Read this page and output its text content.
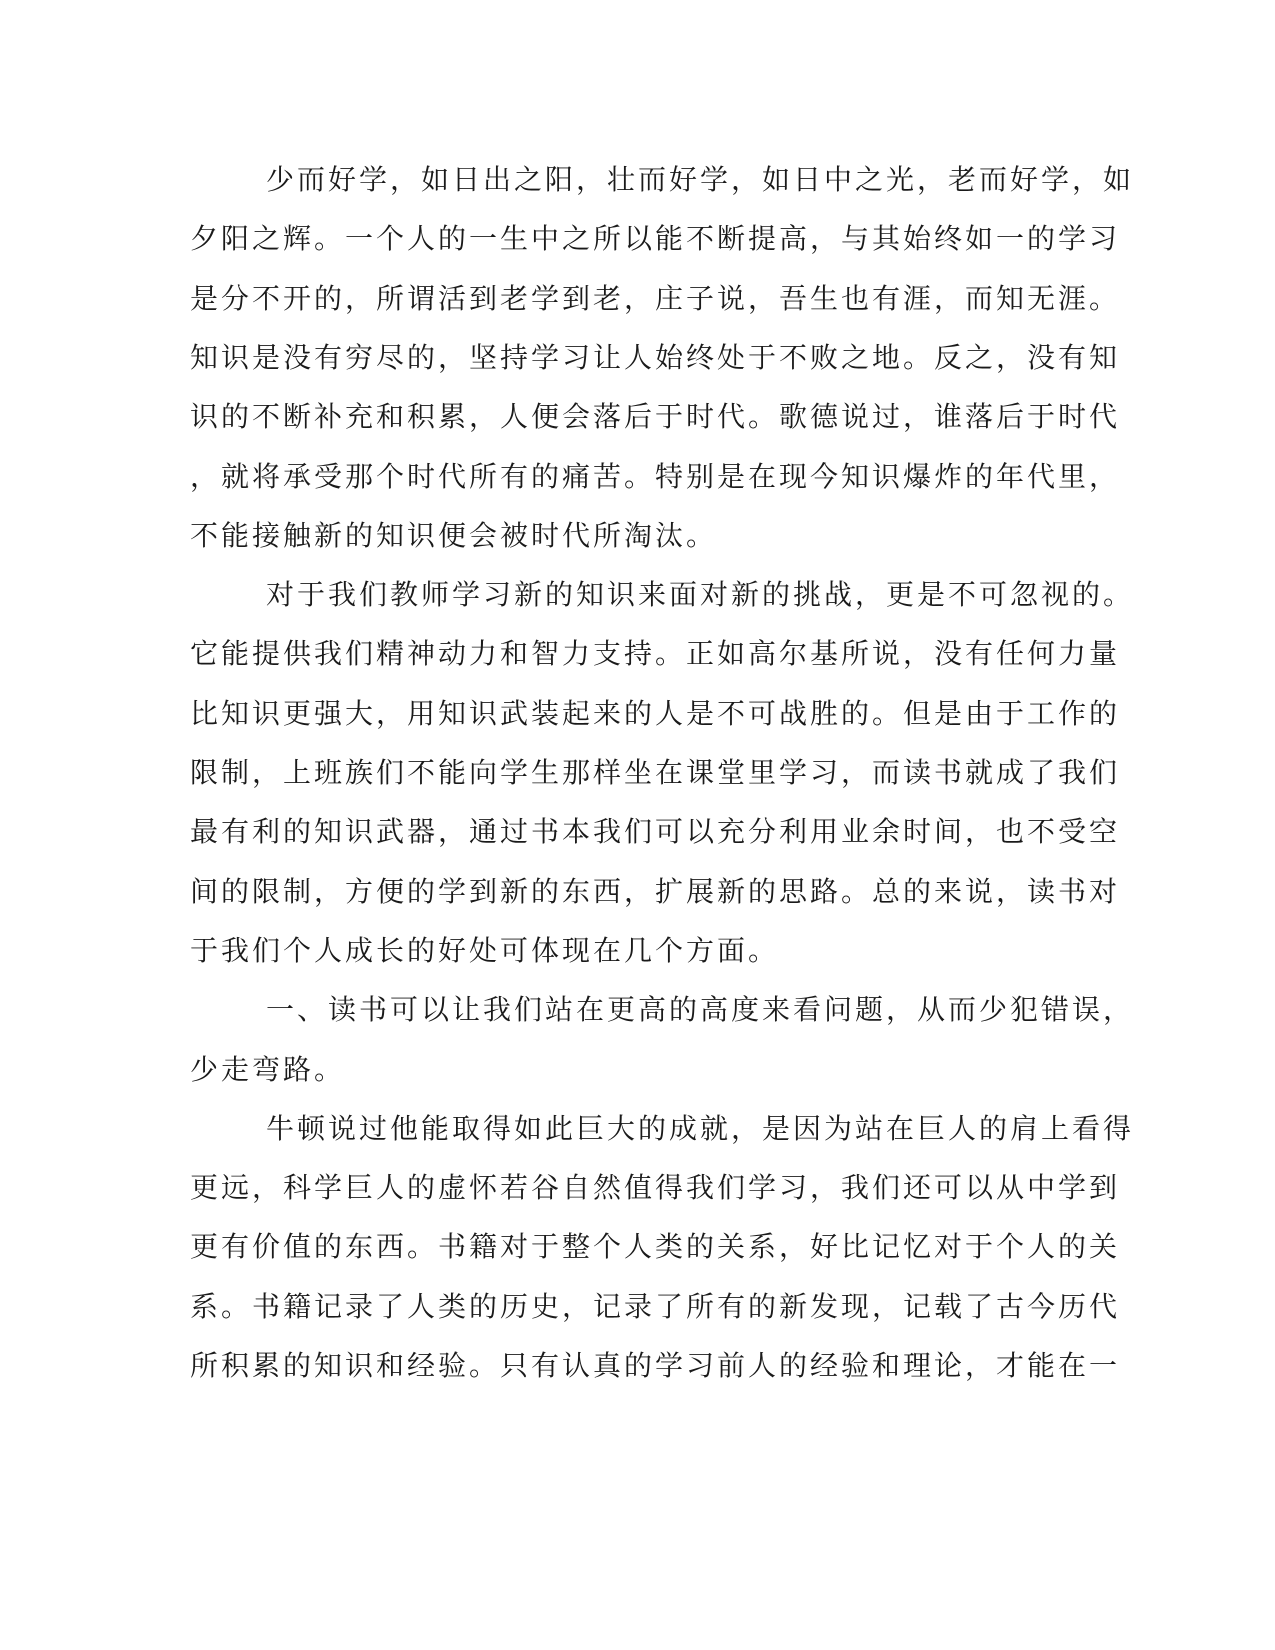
少而好学，如日出之阳，壮而好学，如日中之光，老而好学，如
夕阳之辉。一个人的一生中之所以能不断提高，与其始终如一的学习
是分不开的，所谓活到老学到老，庄子说，吾生也有涯，而知无涯。
知识是没有穷尽的，坚持学习让人始终处于不败之地。反之，没有知
识的不断补充和积累，人便会落后于时代。歌德说过，谁落后于时代
，就将承受那个时代所有的痛苦。特别是在现今知识爆炸的年代里，
不能接触新的知识便会被时代所淘汰。
对于我们教师学习新的知识来面对新的挑战，更是不可忽视的。
它能提供我们精神动力和智力支持。正如高尔基所说，没有任何力量
比知识更强大，用知识武装起来的人是不可战胜的。但是由于工作的
限制，上班族们不能向学生那样坐在课堂里学习，而读书就成了我们
最有利的知识武器，通过书本我们可以充分利用业余时间，也不受空
间的限制，方便的学到新的东西，扩展新的思路。总的来说，读书对
于我们个人成长的好处可体现在几个方面。
一、读书可以让我们站在更高的高度来看问题，从而少犯错误，
少走弯路。
牛顿说过他能取得如此巨大的成就，是因为站在巨人的肩上看得
更远，科学巨人的虚怀若谷自然值得我们学习，我们还可以从中学到
更有价值的东西。书籍对于整个人类的关系，好比记忆对于个人的关
系。书籍记录了人类的历史，记录了所有的新发现，记载了古今历代
所积累的知识和经验。只有认真的学习前人的经验和理论，才能在一
